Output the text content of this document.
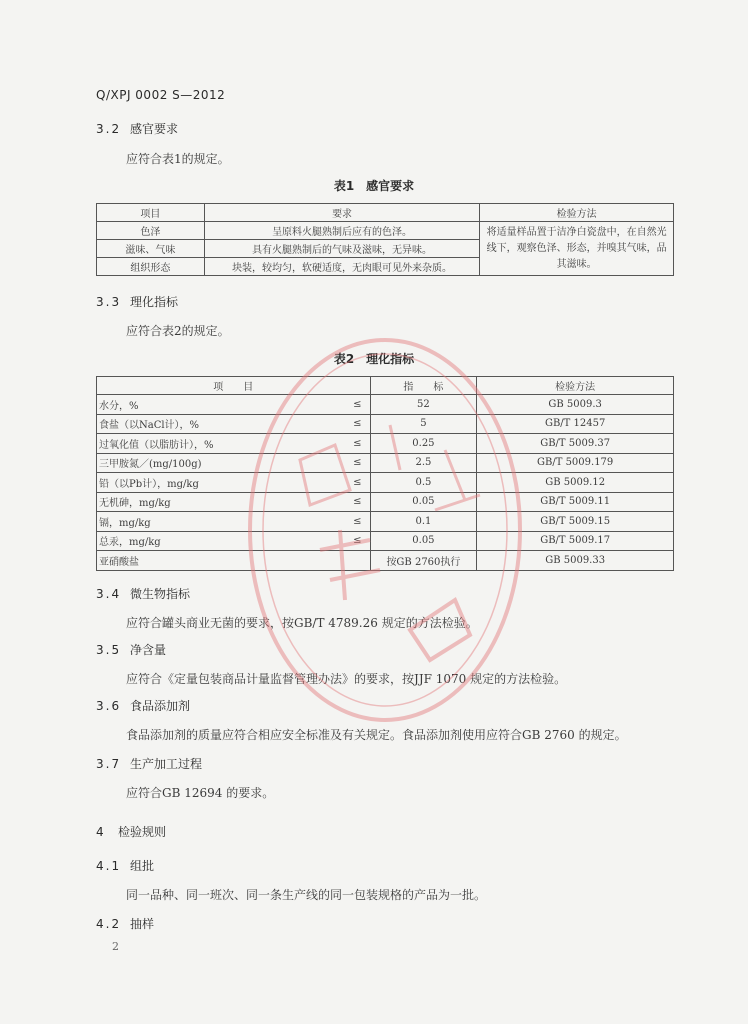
Q/XPJ 0002 S—2012
3.2 感官要求
应符合表1的规定。
表1　感官要求
项目	要求	检验方法
色泽	呈原料火腿熟制后应有的色泽。	将适量样品置于洁净白瓷盘中，在自然光线下，观察色泽、形态，并嗅其气味，品其滋味。
滋味、气味	具有火腿熟制后的气味及滋味，无异味。	
组织形态	块装，较均匀，软硬适度，无肉眼可见外来杂质。	
3.3 理化指标
应符合表2的规定。
表2　理化指标
项　　目		指　　标	检验方法
水分，%	≤	52	GB 5009.3
食盐（以NaCl计），%	≤	5	GB/T 12457
过氧化值（以脂肪计），%	≤	0.25	GB/T 5009.37
三甲胺氮／(mg/100g)	≤	2.5	GB/T 5009.179
铅（以Pb计），mg/kg	≤	0.5	GB 5009.12
无机砷，mg/kg	≤	0.05	GB/T 5009.11
镉，mg/kg	≤	0.1	GB/T 5009.15
总汞，mg/kg	≤	0.05	GB/T 5009.17
亚硝酸盐		按GB 2760执行	GB 5009.33
3.4 微生物指标
应符合罐头商业无菌的要求，按GB/T 4789.26 规定的方法检验。
3.5 净含量
应符合《定量包装商品计量监督管理办法》的要求，按JJF 1070 规定的方法检验。
3.6 食品添加剂
食品添加剂的质量应符合相应安全标准及有关规定。食品添加剂使用应符合GB 2760 的规定。
3.7 生产加工过程
应符合GB 12694 的要求。
4 检验规则
4.1 组批
同一品种、同一班次、同一条生产线的同一包装规格的产品为一批。
4.2 抽样
2
